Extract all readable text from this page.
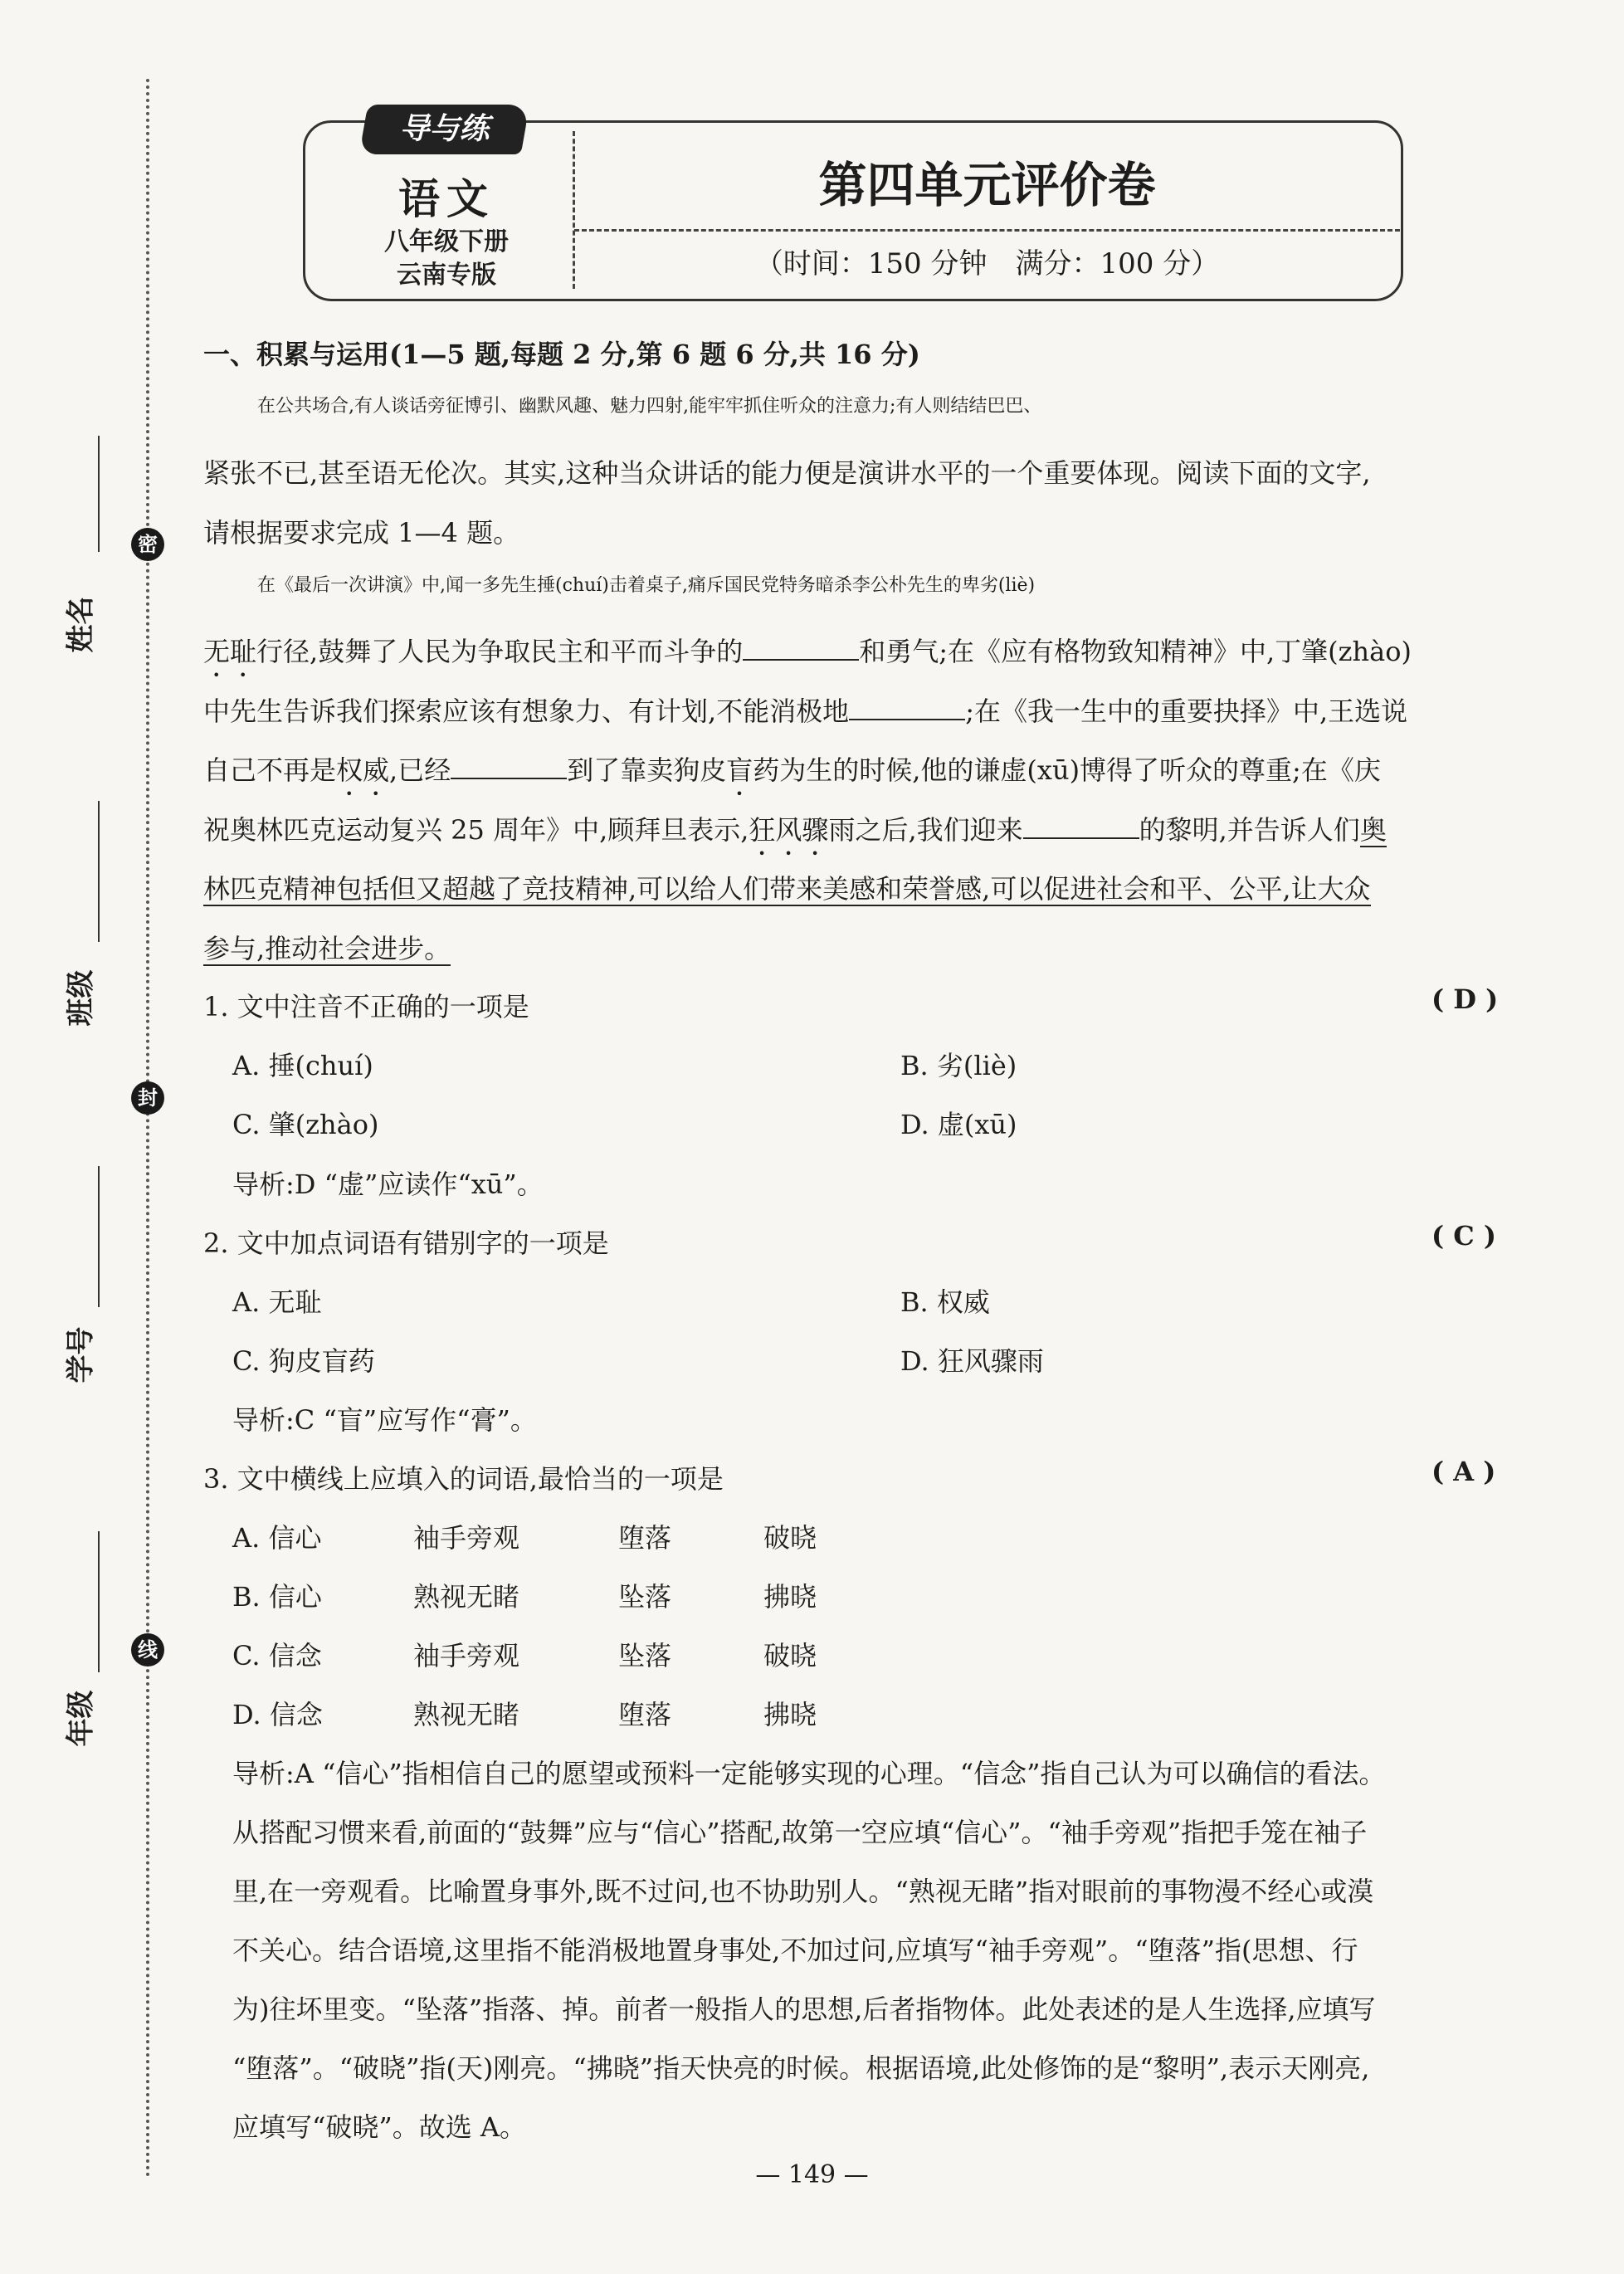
密
封
线
姓名
班级
学号
年级
导与练
语文
八年级下册
云南专版
第四单元评价卷
（时间：150 分钟　满分：100 分）
一、积累与运用(1—5 题,每题 2 分,第 6 题 6 分,共 16 分)
在公共场合,有人谈话旁征博引、幽默风趣、魅力四射,能牢牢抓住听众的注意力;有人则结结巴巴、
紧张不已,甚至语无伦次。其实,这种当众讲话的能力便是演讲水平的一个重要体现。阅读下面的文字,
请根据要求完成 1—4 题。
在《最后一次讲演》中,闻一多先生捶(chuí)击着桌子,痛斥国民党特务暗杀李公朴先生的卑劣(liè)
无耻行径,鼓舞了人民为争取民主和平而斗争的	和勇气;在《应有格物致知精神》中,丁肇(zhào)
中先生告诉我们探索应该有想象力、有计划,不能消极地	;在《我一生中的重要抉择》中,王选说
自己不再是权威,已经	到了靠卖狗皮盲药为生的时候,他的谦虚(xū)博得了听众的尊重;在《庆
祝奥林匹克运动复兴 25 周年》中,顾拜旦表示,狂风骤雨之后,我们迎来	的黎明,并告诉人们奥
林匹克精神包括但又超越了竞技精神,可以给人们带来美感和荣誉感,可以促进社会和平、公平,让大众
参与,推动社会进步。
1. 文中注音不正确的一项是	( D )
A. 捶(chuí)	B. 劣(liè)
C. 肇(zhào)	D. 虚(xū)
导析:D “虚”应读作“xū”。
2. 文中加点词语有错别字的一项是	( C )
A. 无耻	B. 权威
C. 狗皮盲药	D. 狂风骤雨
导析:C “盲”应写作“膏”。
3. 文中横线上应填入的词语,最恰当的一项是	( A )
A. 信心	袖手旁观	堕落	破晓
B. 信心	熟视无睹	坠落	拂晓
C. 信念	袖手旁观	坠落	破晓
D. 信念	熟视无睹	堕落	拂晓
导析:A “信心”指相信自己的愿望或预料一定能够实现的心理。“信念”指自己认为可以确信的看法。
从搭配习惯来看,前面的“鼓舞”应与“信心”搭配,故第一空应填“信心”。“袖手旁观”指把手笼在袖子
里,在一旁观看。比喻置身事外,既不过问,也不协助别人。“熟视无睹”指对眼前的事物漫不经心或漠
不关心。结合语境,这里指不能消极地置身事处,不加过问,应填写“袖手旁观”。“堕落”指(思想、行
为)往坏里变。“坠落”指落、掉。前者一般指人的思想,后者指物体。此处表述的是人生选择,应填写
“堕落”。“破晓”指(天)刚亮。“拂晓”指天快亮的时候。根据语境,此处修饰的是“黎明”,表示天刚亮,
应填写“破晓”。故选 A。
— 149 —
